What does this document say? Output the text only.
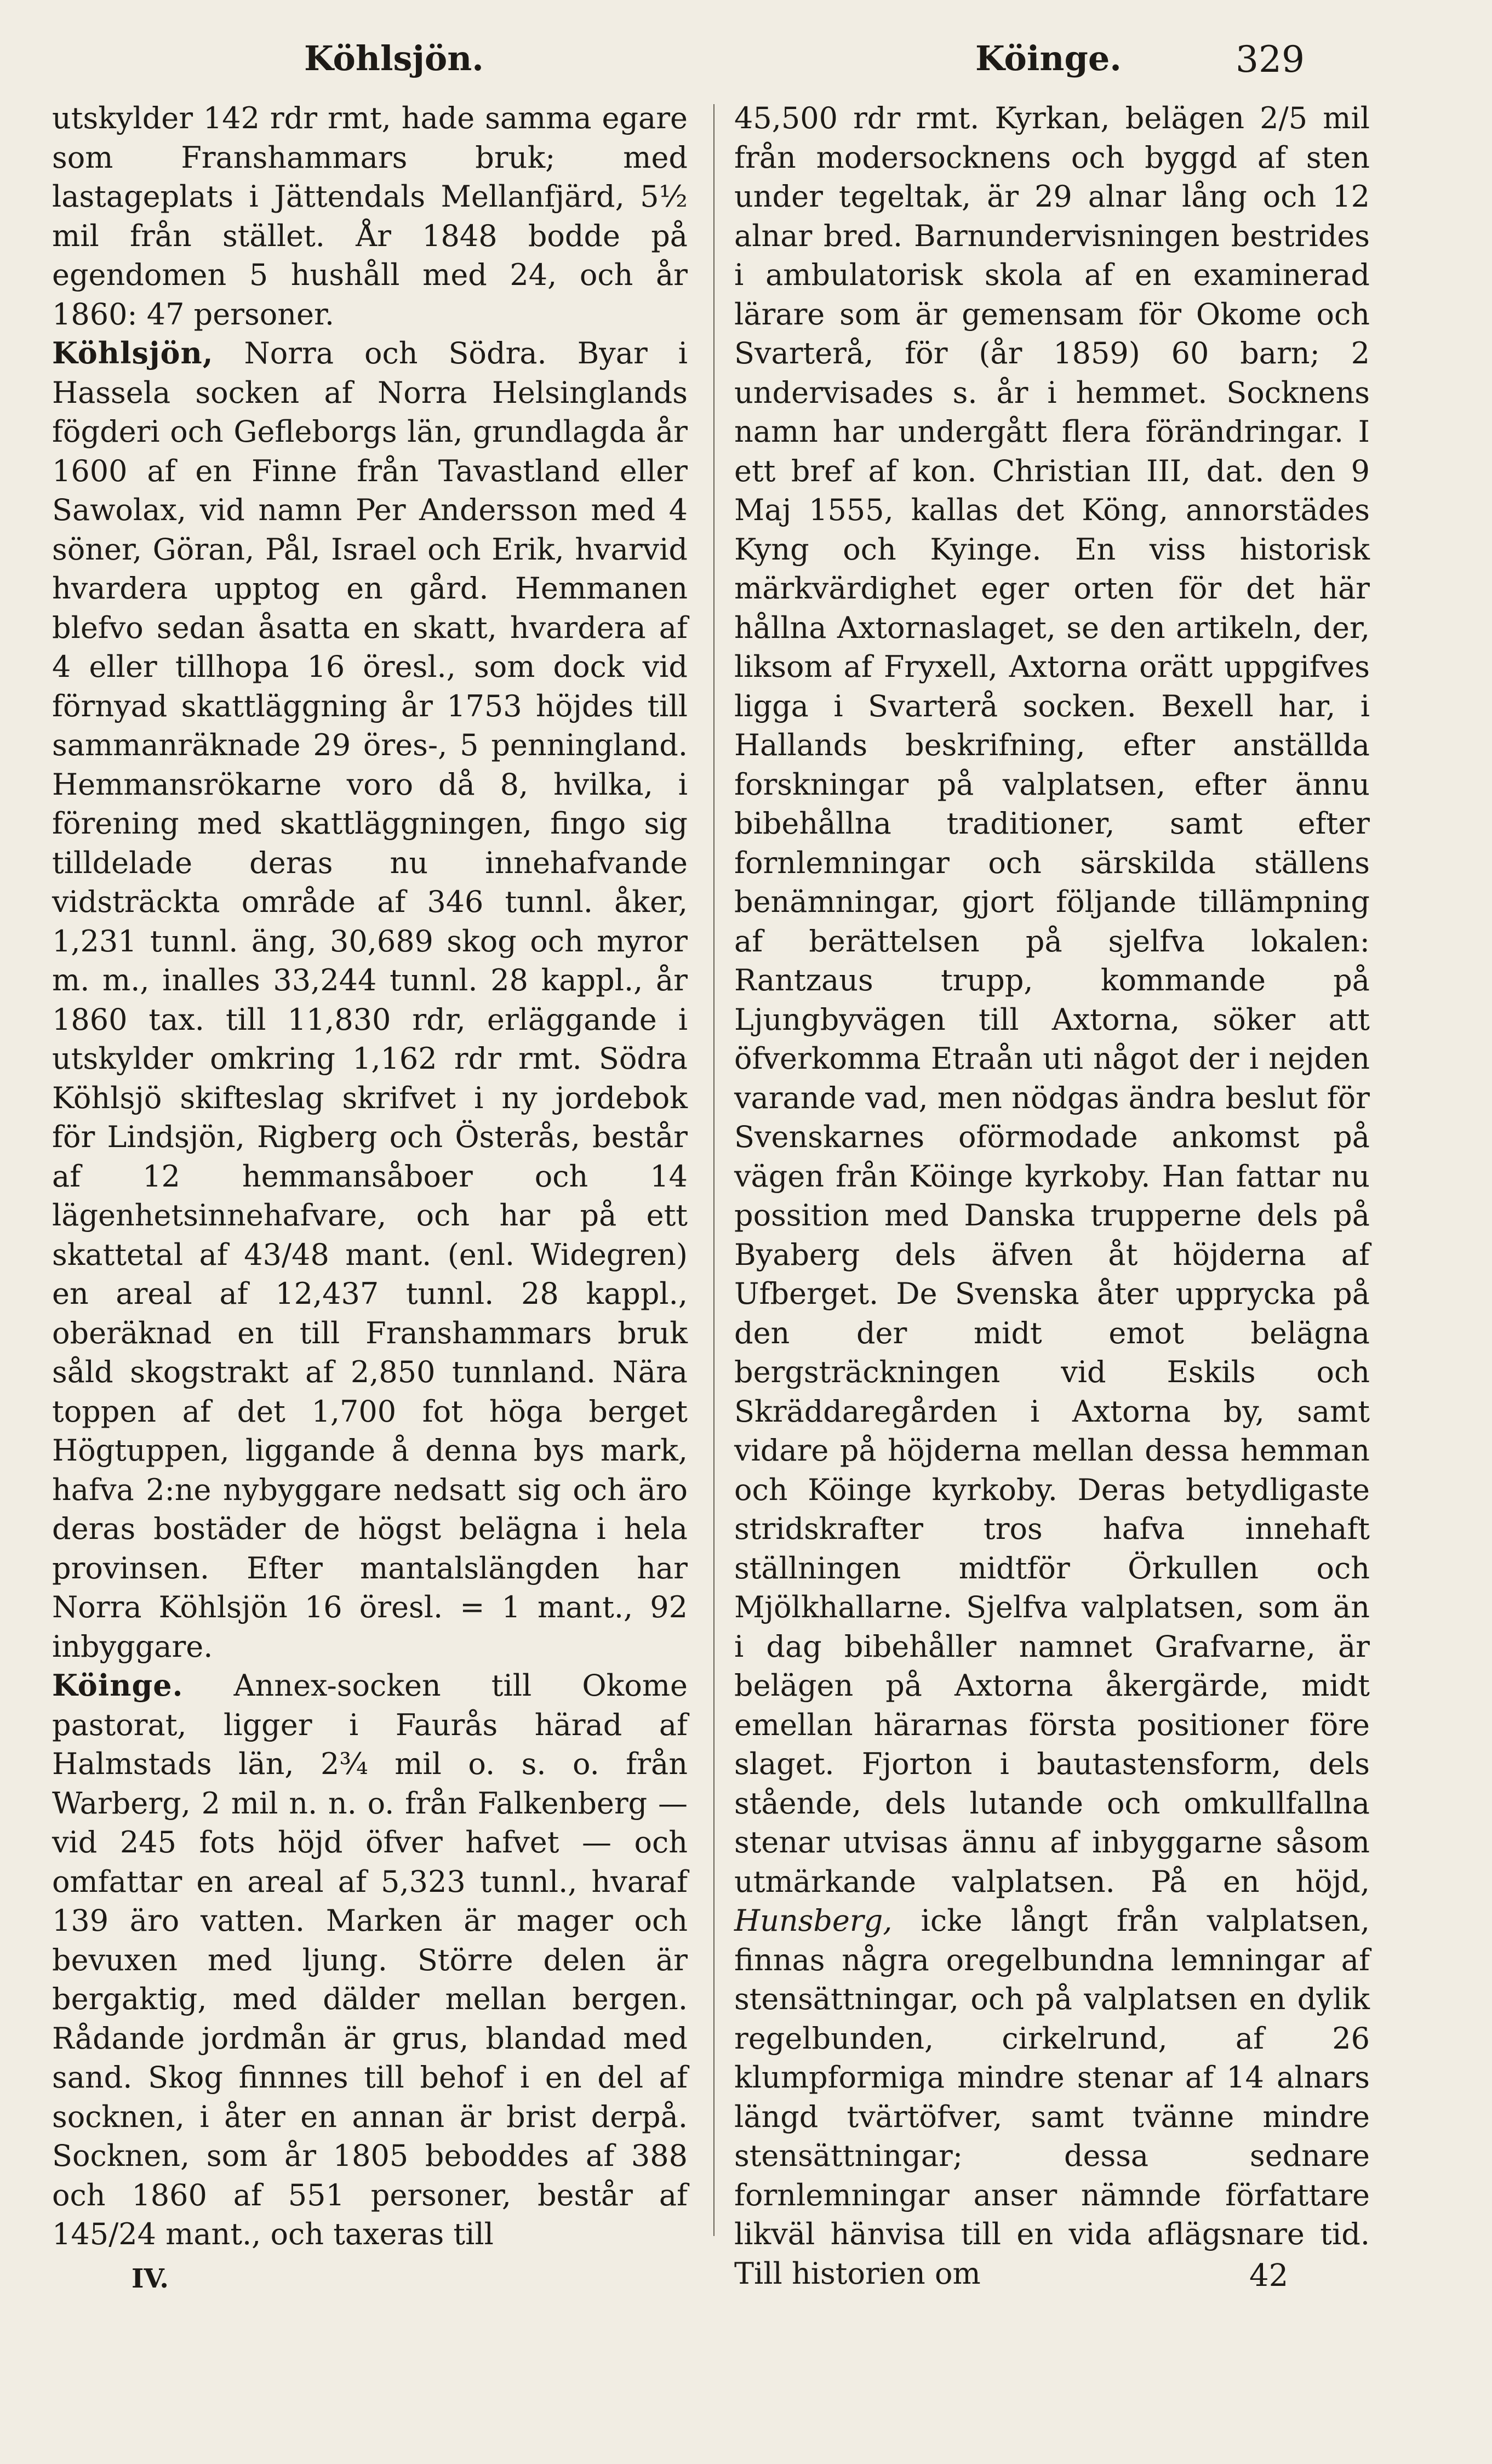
Köhlsjön.	Köinge.	329

utskylder 142 rdr rmt, hade samma egare som Franshammars bruk; med lastageplats i Jättendals Mellanfjärd, 5½ mil från stället. År 1848 bodde på egendomen 5 hushåll med 24, och år 1860: 47 personer.

Köhlsjön, Norra och Södra. Byar i Hassela socken af Norra Helsinglands fögderi och Gefleborgs län, grundlagda år 1600 af en Finne från Tavastland eller Sawolax, vid namn Per Andersson med 4 söner, Göran, Pål, Israel och Erik, hvarvid hvardera upptog en gård. Hemmanen blefvo sedan åsatta en skatt, hvardera af 4 eller tillhopa 16 öresl., som dock vid förnyad skattläggning år 1753 höjdes till sammanräknade 29 öres-, 5 penningland. Hemmansrökarne voro då 8, hvilka, i förening med skattläggningen, fingo sig tilldelade deras nu innehafvande vidsträckta område af 346 tunnl. åker, 1,231 tunnl. äng, 30,689 skog och myror m. m., inalles 33,244 tunnl. 28 kappl., år 1860 tax. till 11,830 rdr, erläggande i utskylder omkring 1,162 rdr rmt. Södra Köhlsjö skifteslag skrifvet i ny jordebok för Lindsjön, Rigberg och Österås, består af 12 hemmansåboer och 14 lägenhetsinnehafvare, och har på ett skattetal af 43/48 mant. (enl. Widegren) en areal af 12,437 tunnl. 28 kappl., oberäknad en till Franshammars bruk såld skogstrakt af 2,850 tunnland. Nära toppen af det 1,700 fot höga berget Högtuppen, liggande å denna bys mark, hafva 2:ne nybyggare nedsatt sig och äro deras bostäder de högst belägna i hela provinsen. Efter mantalslängden har Norra Köhlsjön 16 öresl. = 1 mant., 92 inbyggare.

Köinge. Annex-socken till Okome pastorat, ligger i Faurås härad af Halmstads län, 2¾ mil o. s. o. från Warberg, 2 mil n. n. o. från Falkenberg — vid 245 fots höjd öfver hafvet — och omfattar en areal af 5,323 tunnl., hvaraf 139 äro vatten. Marken är mager och bevuxen med ljung. Större delen är bergaktig, med dälder mellan bergen. Rådande jordmån är grus, blandad med sand. Skog finnnes till behof i en del af socknen, i åter en annan är brist derpå. Socknen, som år 1805 beboddes af 388 och 1860 af 551 personer, består af 145/24 mant., och taxeras till

45,500 rdr rmt. Kyrkan, belägen 2/5 mil från modersocknens och byggd af sten under tegeltak, är 29 alnar lång och 12 alnar bred. Barnundervisningen bestrides i ambulatorisk skola af en examinerad lärare som är gemensam för Okome och Svarterå, för (år 1859) 60 barn; 2 undervisades s. år i hemmet. Socknens namn har undergått flera förändringar. I ett bref af kon. Christian III, dat. den 9 Maj 1555, kallas det Köng, annorstädes Kyng och Kyinge. En viss historisk märkvärdighet eger orten för det här hållna Axtornaslaget, se den artikeln, der, liksom af Fryxell, Axtorna orätt uppgifves ligga i Svarterå socken. Bexell har, i Hallands beskrifning, efter anställda forskningar på valplatsen, efter ännu bibehållna traditioner, samt efter fornlemningar och särskilda ställens benämningar, gjort följande tillämpning af berättelsen på sjelfva lokalen: Rantzaus trupp, kommande på Ljungbyvägen till Axtorna, söker att öfverkomma Etraån uti något der i nejden varande vad, men nödgas ändra beslut för Svenskarnes oförmodade ankomst på vägen från Köinge kyrkoby. Han fattar nu possition med Danska trupperne dels på Byaberg dels äfven åt höjderna af Ufberget. De Svenska åter upprycka på den der midt emot belägna bergsträckningen vid Eskils och Skräddaregården i Axtorna by, samt vidare på höjderna mellan dessa hemman och Köinge kyrkoby. Deras betydligaste stridskrafter tros hafva innehaft ställningen midtför Örkullen och Mjölkhallarne. Sjelfva valplatsen, som än i dag bibehåller namnet Grafvarne, är belägen på Axtorna åkergärde, midt emellan härarnas första positioner före slaget. Fjorton i bautastensform, dels stående, dels lutande och omkullfallna stenar utvisas ännu af inbyggarne såsom utmärkande valplatsen. På en höjd, Hunsberg, icke långt från valplatsen, finnas några oregelbundna lemningar af stensättningar, och på valplatsen en dylik regelbunden, cirkelrund, af 26 klumpformiga mindre stenar af 14 alnars längd tvärtöfver, samt tvänne mindre stensättningar; dessa sednare fornlemningar anser nämnde författare likväl hänvisa till en vida aflägsnare tid. Till historien om

IV.	42
